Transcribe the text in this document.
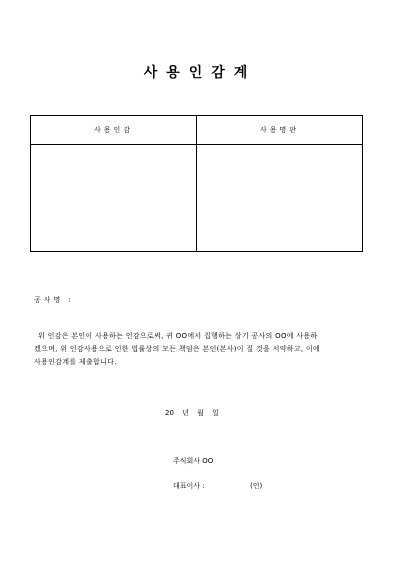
사용인감계
사용인감	사용명판
공사명 :
위 인감은 본인이 사용하는 인감으로써, 귀 OO에서 집행하는 상기 공사의 OO에 사용하
겠으며, 위 인감사용으로 인한 법률상의 모든 책임은 본인(본사)이 질 것을 서약하고, 이에
사용인감계를 제출합니다.
20 년 월 일
주식회사 OO
대표이사 :	(인)
